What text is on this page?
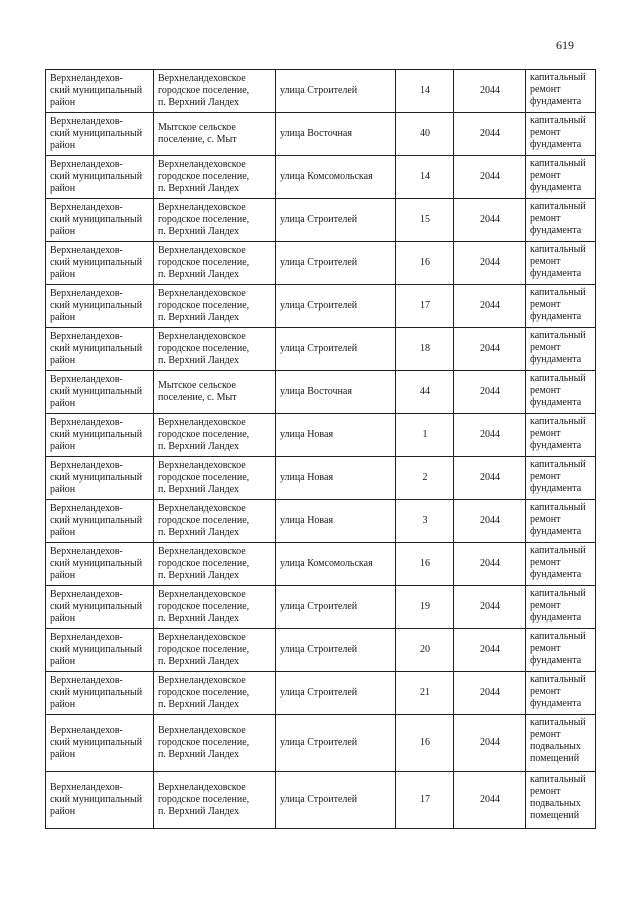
619
Верхнеландехов-
ский муниципальный
район	Верхнеландеховское
городское поселение,
п. Верхний Ландех	улица Строителей	14	2044	капитальный
ремонт
фундамента
Верхнеландехов-
ский муниципальный
район	Мытское сельское
поселение, с. Мыт	улица Восточная	40	2044	капитальный
ремонт
фундамента
Верхнеландехов-
ский муниципальный
район	Верхнеландеховское
городское поселение,
п. Верхний Ландех	улица Комсомольская	14	2044	капитальный
ремонт
фундамента
Верхнеландехов-
ский муниципальный
район	Верхнеландеховское
городское поселение,
п. Верхний Ландех	улица Строителей	15	2044	капитальный
ремонт
фундамента
Верхнеландехов-
ский муниципальный
район	Верхнеландеховское
городское поселение,
п. Верхний Ландех	улица Строителей	16	2044	капитальный
ремонт
фундамента
Верхнеландехов-
ский муниципальный
район	Верхнеландеховское
городское поселение,
п. Верхний Ландех	улица Строителей	17	2044	капитальный
ремонт
фундамента
Верхнеландехов-
ский муниципальный
район	Верхнеландеховское
городское поселение,
п. Верхний Ландех	улица Строителей	18	2044	капитальный
ремонт
фундамента
Верхнеландехов-
ский муниципальный
район	Мытское сельское
поселение, с. Мыт	улица Восточная	44	2044	капитальный
ремонт
фундамента
Верхнеландехов-
ский муниципальный
район	Верхнеландеховское
городское поселение,
п. Верхний Ландех	улица Новая	1	2044	капитальный
ремонт
фундамента
Верхнеландехов-
ский муниципальный
район	Верхнеландеховское
городское поселение,
п. Верхний Ландех	улица Новая	2	2044	капитальный
ремонт
фундамента
Верхнеландехов-
ский муниципальный
район	Верхнеландеховское
городское поселение,
п. Верхний Ландех	улица Новая	3	2044	капитальный
ремонт
фундамента
Верхнеландехов-
ский муниципальный
район	Верхнеландеховское
городское поселение,
п. Верхний Ландех	улица Комсомольская	16	2044	капитальный
ремонт
фундамента
Верхнеландехов-
ский муниципальный
район	Верхнеландеховское
городское поселение,
п. Верхний Ландех	улица Строителей	19	2044	капитальный
ремонт
фундамента
Верхнеландехов-
ский муниципальный
район	Верхнеландеховское
городское поселение,
п. Верхний Ландех	улица Строителей	20	2044	капитальный
ремонт
фундамента
Верхнеландехов-
ский муниципальный
район	Верхнеландеховское
городское поселение,
п. Верхний Ландех	улица Строителей	21	2044	капитальный
ремонт
фундамента
Верхнеландехов-
ский муниципальный
район	Верхнеландеховское
городское поселение,
п. Верхний Ландех	улица Строителей	16	2044	капитальный
ремонт
подвальных
помещений
Верхнеландехов-
ский муниципальный
район	Верхнеландеховское
городское поселение,
п. Верхний Ландех	улица Строителей	17	2044	капитальный
ремонт
подвальных
помещений
